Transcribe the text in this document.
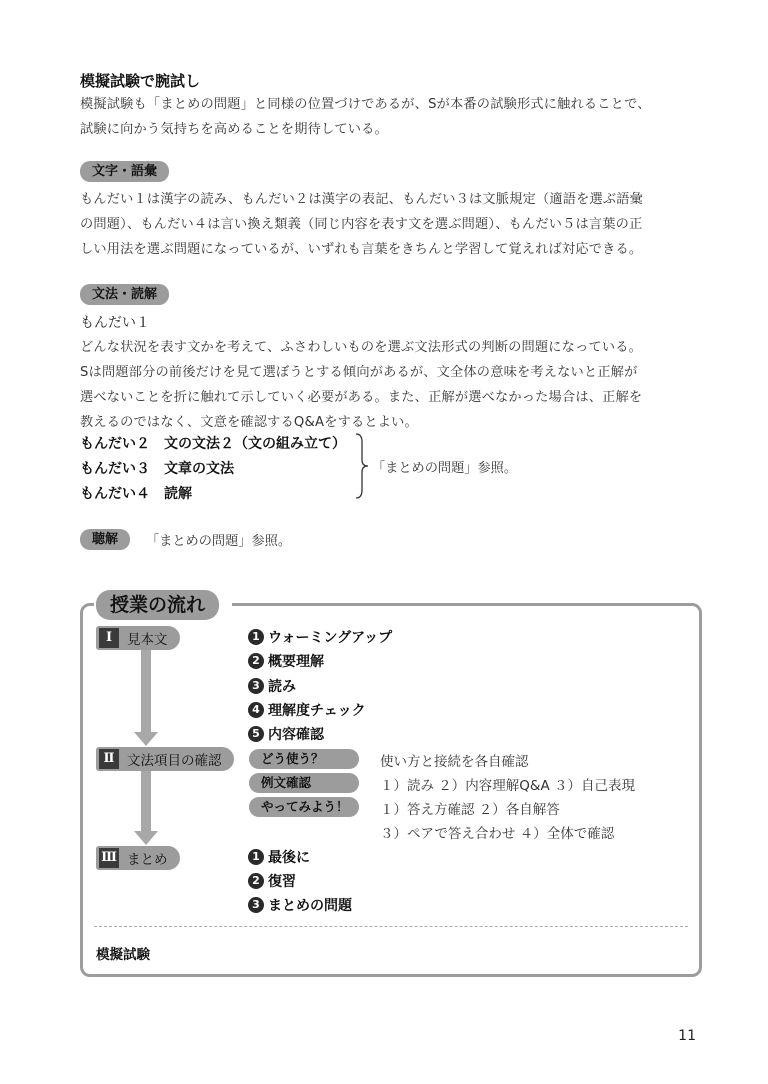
模擬試験で腕試し
模擬試験も「まとめの問題」と同様の位置づけであるが、Sが本番の試験形式に触れることで、
試験に向かう気持ちを高めることを期待している。
文字・語彙
もんだい１は漢字の読み、もんだい２は漢字の表記、もんだい３は文脈規定（適語を選ぶ語彙
の問題）、もんだい４は言い換え類義（同じ内容を表す文を選ぶ問題）、もんだい５は言葉の正
しい用法を選ぶ問題になっているが、いずれも言葉をきちんと学習して覚えれば対応できる。
文法・読解
もんだい１
どんな状況を表す文かを考えて、ふさわしいものを選ぶ文法形式の判断の問題になっている。
Sは問題部分の前後だけを見て選ぼうとする傾向があるが、文全体の意味を考えないと正解が
選べないことを折に触れて示していく必要がある。また、正解が選べなかった場合は、正解を
教えるのではなく、文意を確認するQ&Aをするとよい。
もんだい２　文の文法２（文の組み立て）
もんだい３　文章の文法
もんだい４　読解
「まとめの問題」参照。
聴解	「まとめの問題」参照。
授業の流れ
Ⅰ	見本文
Ⅱ 文法項目の確認
Ⅲ まとめ
1 ウォーミングアップ
2 概要理解
3 読み
4 理解度チェック
5 内容確認
どう使う？	使い方と接続を各自確認
例文確認	１）読み ２）内容理解Q&A ３）自己表現
やってみよう！	１）答え方確認 ２）各自解答
３）ペアで答え合わせ ４）全体で確認
1 最後に
2 復習
3 まとめの問題
模擬試験
11
